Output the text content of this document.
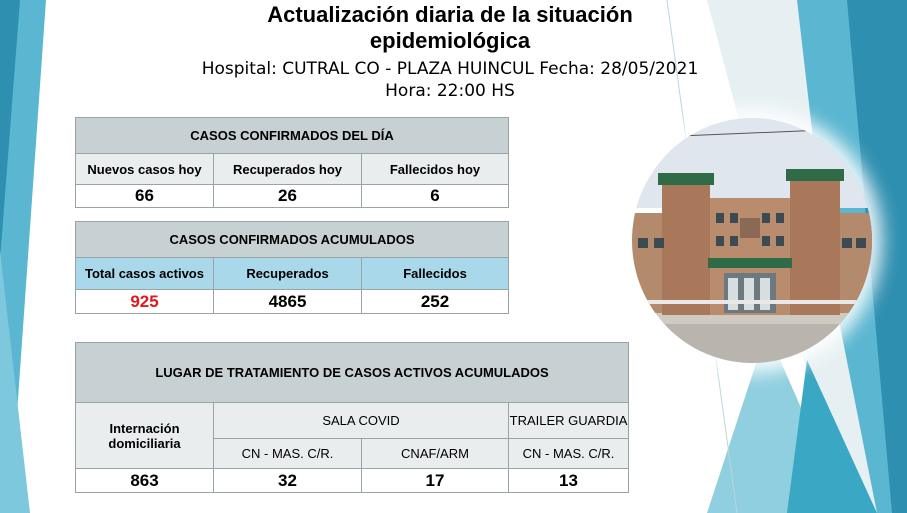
Actualización diaria de la situación epidemiológica
Hospital: CUTRAL CO - PLAZA HUINCUL Fecha: 28/05/2021
Hora: 22:00 HS
CASOS CONFIRMADOS DEL DÍA		
Nuevos casos hoy	Recuperados hoy	Fallecidos hoy
66	26	6
CASOS CONFIRMADOS ACUMULADOS		
Total casos activos	Recuperados	Fallecidos
925	4865	252
LUGAR DE TRATAMIENTO DE CASOS ACTIVOS ACUMULADOS			
Internación domiciliaria	SALA COVID		TRAILER GUARDIA
	CN - MAS. C/R.	CNAF/ARM	CN - MAS. C/R.
863	32	17	13
